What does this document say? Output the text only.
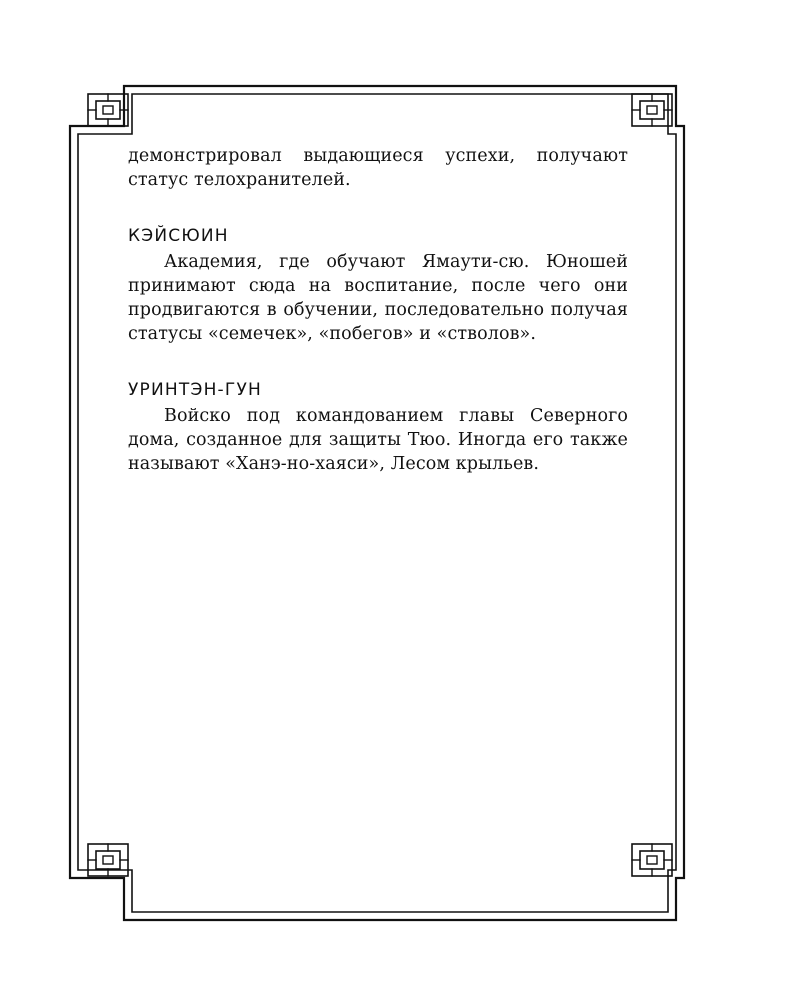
демонстрировал выдающиеся успехи, получают статус телохранителей.

КЭЙСЮИН

Академия, где обучают Ямаути-сю. Юношей принимают сюда на воспитание, после чего они продвигаются в обучении, последовательно получая статусы «семечек», «побегов» и «стволов».

УРИНТЭН-ГУН

Войско под командованием главы Северного дома, созданное для защиты Тюо. Иногда его также называют «Ханэ-но-хаяси», Лесом крыльев.
